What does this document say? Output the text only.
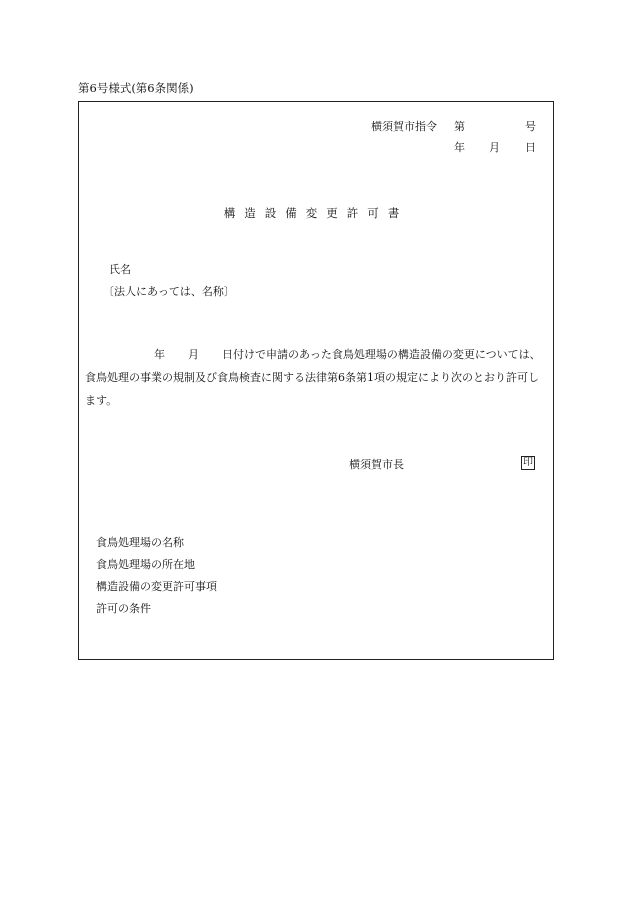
第6号様式(第6条関係)
横須賀市指令 第	号
年 月 日
構造設備変更許可書
氏名
〔法人にあっては、名称〕
年 月 日付けで申請のあった食鳥処理場の構造設備の変更については、食鳥処理の事業の規制及び食鳥検査に関する法律第6条第1項の規定により次のとおり許可します。
横須賀市長	印
食鳥処理場の名称
食鳥処理場の所在地
構造設備の変更許可事項
許可の条件
